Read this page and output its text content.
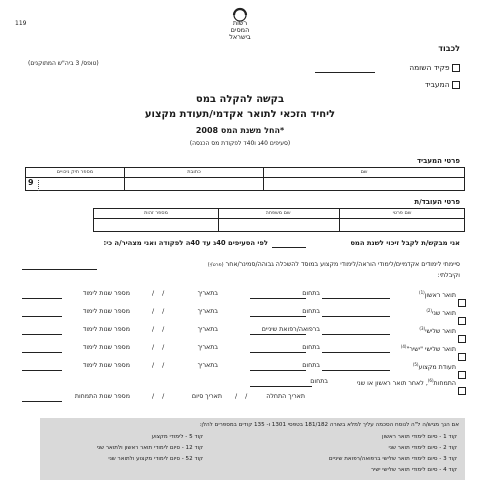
119	רשות
המסים
בישראל
לכבוד
פקיד השומה
המעביד
(טופס/ 3 ביה"ש המתוקנים)
בקשה להקלה במס
ליחיד הזכאי לתואר אקדמי/תעודת מקצוע
החל משנת המס 2008*
(סעיפים 40ג ו40ד לפקודת מס הכנסה)
פרטי המעביד
שם
כתובת
מספר תיק ניכויים
9
פרטי העובד/ת
שם פרטי
שם משפחה
מספר זהות
אני מבקש/ת לקבל זיכוי לשנת המס
לפי הסעיפים 40ג עד 40ה לפקודה ואני מצהיר/ה כי:
סיימתי לימודים אקדמיים/לימודי הוראה/לימודי מקצוע במוסד להשכלה גבוהה/סמינר/אחר (פרט/י)
וקיבלתי:
תואר ראשון$^{(1)}$
בתחום
בתאריך
/ /
מספר שנות לימוד
תואר שני$^{(2)}$
בתחום
בתאריך
/ /
מספר שנות לימוד
תואר שלישי$^{(3)}$
ברפואה/רפואת שיניים
בתאריך
/ /
מספר שנות לימוד
תואר שלישי "ישיר"$^{(4)}$
בתחום
בתאריך
/ /
מספר שנות לימוד
תעודת מקצוע$^{(5)}$
בתחום
בתאריך
/ /
מספר שנות לימוד
התמחות$^{(6)}$, לאחר תואר ראשון או שני
בתחום
תאריך התחלה
/ /
תאריך סיום
/ /
מספר שנות התמחות
אם הנך מגיש/ה ל"ה לנוסח הסכמה עליך למלא בשורה 181/182 בטפסי 1301 ו- 135 קודים במספרים להלן:
קוד 1 - סיום לימודי תואר ראשון
קוד 2 - סיום לימודי תואר שני
קוד 3 - סיום לימודי תואר שלישי ברפואה/רפואת שיניים
קוד 4 - סיום לימודי תואר שלישי ישיר
קוד 5 - לימודי מקצוע
קוד 12 - סיום לימודי תואר ראשון ולתואר שני
קוד 52 - סיום לימודי מקצוע ולתואר שני
